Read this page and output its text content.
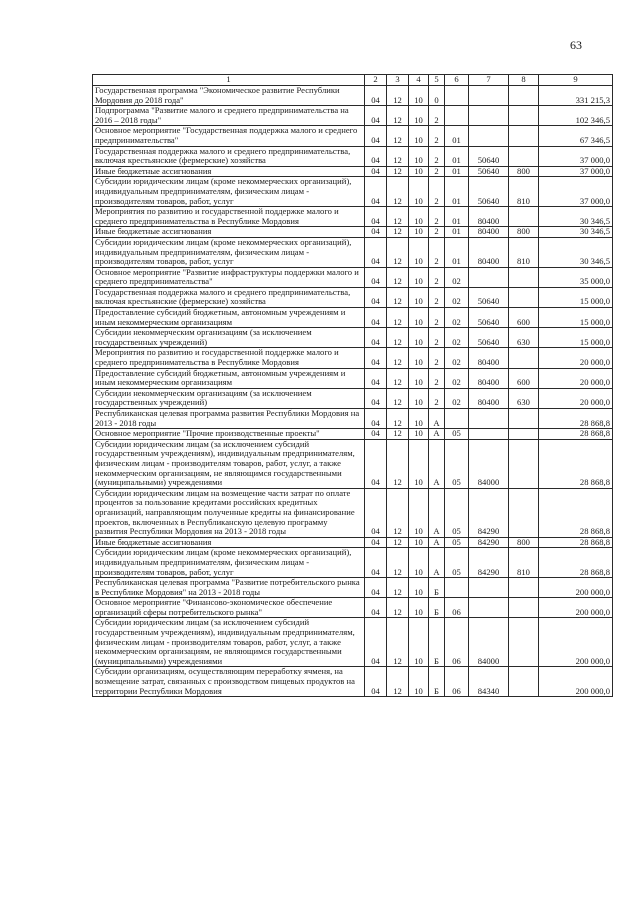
63
1	2	3	4	5	6	7	8	9
Государственная программа "Экономическое развитие Республики Мордовия до 2018 года"	04	12	10	0				331 215,3
Подпрограмма "Развитие малого и среднего предпринимательства на 2016 – 2018 годы"	04	12	10	2				102 346,5
Основное мероприятие "Государственная поддержка малого и среднего предпринимательства"	04	12	10	2	01			67 346,5
Государственная поддержка малого и среднего предпринимательства, включая крестьянские (фермерские) хозяйства	04	12	10	2	01	50640		37 000,0
Иные бюджетные ассигнования	04	12	10	2	01	50640	800	37 000,0
Субсидии юридическим лицам (кроме некоммерческих организаций), индивидуальным предпринимателям, физическим лицам - производителям товаров, работ, услуг	04	12	10	2	01	50640	810	37 000,0
Мероприятия по развитию и государственной поддержке малого и среднего предпринимательства в Республике Мордовия	04	12	10	2	01	80400		30 346,5
Иные бюджетные ассигнования	04	12	10	2	01	80400	800	30 346,5
Субсидии юридическим лицам (кроме некоммерческих организаций), индивидуальным предпринимателям, физическим лицам - производителям товаров, работ, услуг	04	12	10	2	01	80400	810	30 346,5
Основное мероприятие "Развитие инфраструктуры поддержки малого и среднего предпринимательства"	04	12	10	2	02			35 000,0
Государственная поддержка малого и среднего предпринимательства, включая крестьянские (фермерские) хозяйства	04	12	10	2	02	50640		15 000,0
Предоставление субсидий бюджетным, автономным учреждениям и иным некоммерческим организациям	04	12	10	2	02	50640	600	15 000,0
Субсидии некоммерческим организациям (за исключением государственных учреждений)	04	12	10	2	02	50640	630	15 000,0
Мероприятия по развитию и государственной поддержке малого и среднего предпринимательства в Республике Мордовия	04	12	10	2	02	80400		20 000,0
Предоставление субсидий бюджетным, автономным учреждениям и иным некоммерческим организациям	04	12	10	2	02	80400	600	20 000,0
Субсидии некоммерческим организациям (за исключением государственных учреждений)	04	12	10	2	02	80400	630	20 000,0
Республиканская целевая программа развития Республики Мордовия на 2013 - 2018 годы	04	12	10	А				28 868,8
Основное мероприятие "Прочие производственные проекты"	04	12	10	А	05			28 868,8
Субсидии юридическим лицам (за исключением субсидий государственным учреждениям), индивидуальным предпринимателям, физическим лицам - производителям товаров, работ, услуг, а также некоммерческим организациям, не являющимся государственными (муниципальными) учреждениями	04	12	10	А	05	84000		28 868,8
Субсидии юридическим лицам на возмещение части затрат по оплате процентов за пользование кредитами российских кредитных организаций, направляющим полученные кредиты на финансирование проектов, включенных в Республиканскую целевую программу развития Республики Мордовия на 2013 - 2018 годы	04	12	10	А	05	84290		28 868,8
Иные бюджетные ассигнования	04	12	10	А	05	84290	800	28 868,8
Субсидии юридическим лицам (кроме некоммерческих организаций), индивидуальным предпринимателям, физическим лицам - производителям товаров, работ, услуг	04	12	10	А	05	84290	810	28 868,8
Республиканская целевая программа "Развитие потребительского рынка в Республике Мордовия" на 2013 - 2018 годы	04	12	10	Б				200 000,0
Основное мероприятие "Финансово-экономическое обеспечение организаций сферы потребительского рынка"	04	12	10	Б	06			200 000,0
Субсидии юридическим лицам (за исключением субсидий государственным учреждениям), индивидуальным предпринимателям, физическим лицам - производителям товаров, работ, услуг, а также некоммерческим организациям, не являющимся государственными (муниципальными) учреждениями	04	12	10	Б	06	84000		200 000,0
Субсидии организациям, осуществляющим переработку ячменя, на возмещение затрат, связанных с производством пищевых продуктов на территории Республики Мордовия	04	12	10	Б	06	84340		200 000,0
